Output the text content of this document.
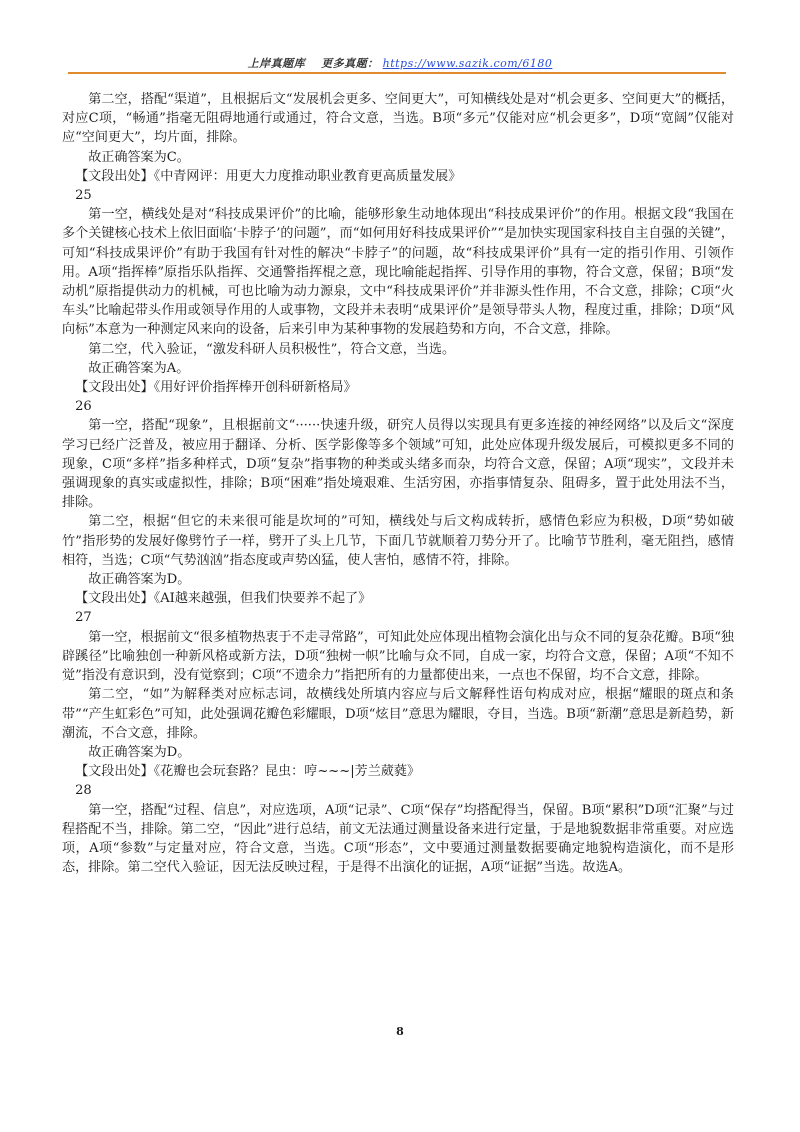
上岸真题库 更多真题： https://www.sazik.com/6180

第二空，搭配“渠道”，且根据后文“发展机会更多、空间更大”，可知横线处是对“机会更多、空间更大”的概括，对应C项，“畅通”指毫无阻碍地通行或通过，符合文意，当选。B项“多元”仅能对应“机会更多”，D项“宽阔”仅能对应“空间更大”，均片面，排除。

故正确答案为C。

【文段出处】《中青网评：用更大力度推动职业教育更高质量发展》

25

第一空，横线处是对“科技成果评价”的比喻，能够形象生动地体现出“科技成果评价”的作用。根据文段“我国在多个关键核心技术上依旧面临‘卡脖子’的问题”，而“如何用好科技成果评价”“是加快实现国家科技自主自强的关键”，可知“科技成果评价”有助于我国有针对性的解决“卡脖子”的问题，故“科技成果评价”具有一定的指引作用、引领作用。A项“指挥棒”原指乐队指挥、交通警指挥棍之意，现比喻能起指挥、引导作用的事物，符合文意，保留；B项“发动机”原指提供动力的机械，可也比喻为动力源泉，文中“科技成果评价”并非源头性作用，不合文意，排除；C项“火车头”比喻起带头作用或领导作用的人或事物，文段并未表明“成果评价”是领导带头人物，程度过重，排除；D项“风向标”本意为一种测定风来向的设备，后来引申为某种事物的发展趋势和方向，不合文意，排除。

第二空，代入验证，“激发科研人员积极性”，符合文意，当选。

故正确答案为A。

【文段出处】《用好评价指挥棒开创科研新格局》

26

第一空，搭配“现象”，且根据前文“······快速升级，研究人员得以实现具有更多连接的神经网络”以及后文“深度学习已经广泛普及，被应用于翻译、分析、医学影像等多个领域”可知，此处应体现升级发展后，可模拟更多不同的现象，C项“多样”指多种样式，D项“复杂”指事物的种类或头绪多而杂，均符合文意，保留；A项“现实”，文段并未强调现象的真实或虚拟性，排除；B项“困难”指处境艰难、生活穷困，亦指事情复杂、阻碍多，置于此处用法不当，排除。

第二空，根据“但它的未来很可能是坎坷的”可知，横线处与后文构成转折，感情色彩应为积极，D项“势如破竹”指形势的发展好像劈竹子一样，劈开了头上几节，下面几节就顺着刀势分开了。比喻节节胜利，毫无阻挡，感情相符，当选；C项“气势汹汹”指态度或声势凶猛，使人害怕，感情不符，排除。

故正确答案为D。

【文段出处】《AI越来越强，但我们快要养不起了》

27

第一空，根据前文“很多植物热衷于不走寻常路”，可知此处应体现出植物会演化出与众不同的复杂花瓣。B项“独辟蹊径”比喻独创一种新风格或新方法，D项“独树一帜”比喻与众不同，自成一家，均符合文意，保留；A项“不知不觉”指没有意识到，没有觉察到；C项“不遗余力”指把所有的力量都使出来，一点也不保留，均不合文意，排除。

第二空，“如”为解释类对应标志词，故横线处所填内容应与后文解释性语句构成对应，根据“耀眼的斑点和条带”“产生虹彩色”可知，此处强调花瓣色彩耀眼，D项“炫目”意思为耀眼，夺目，当选。B项“新潮”意思是新趋势，新潮流，不合文意，排除。

故正确答案为D。

【文段出处】《花瓣也会玩套路？昆虫：哼~~~|芳兰葳蕤》

28

第一空，搭配“过程、信息”，对应选项，A项“记录”、C项“保存”均搭配得当，保留。B项“累积”D项“汇聚”与过程搭配不当，排除。第二空，“因此”进行总结，前文无法通过测量设备来进行定量，于是地貌数据非常重要。对应选项，A项“参数”与定量对应，符合文意，当选。C项“形态”，文中要通过测量数据要确定地貌构造演化，而不是形态，排除。第二空代入验证，因无法反映过程，于是得不出演化的证据，A项“证据”当选。故选A。

8
